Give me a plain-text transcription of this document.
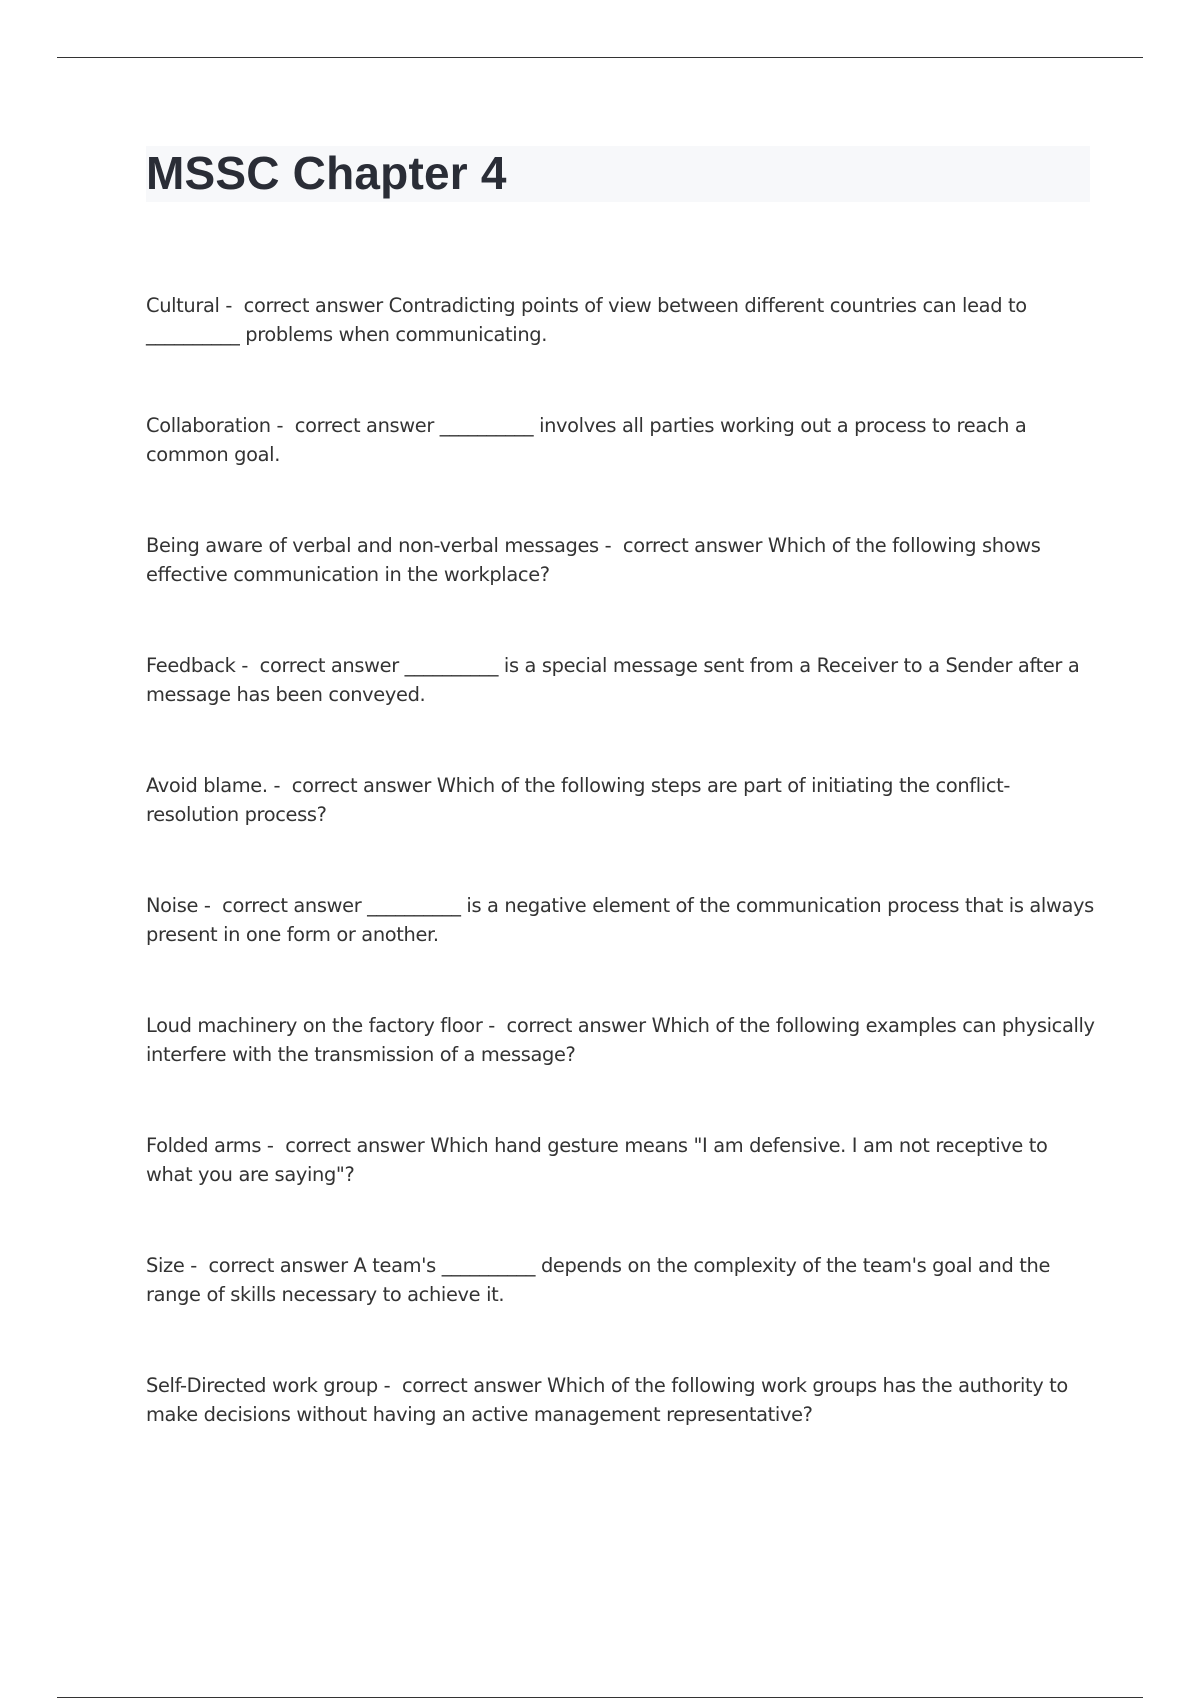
MSSC Chapter 4

Cultural -  correct answer Contradicting points of view between different countries can lead to __________ problems when communicating.

Collaboration -  correct answer __________ involves all parties working out a process to reach a common goal.

Being aware of verbal and non-verbal messages -  correct answer Which of the following shows effective communication in the workplace?

Feedback -  correct answer __________ is a special message sent from a Receiver to a Sender after a message has been conveyed.

Avoid blame. -  correct answer Which of the following steps are part of initiating the conflict-resolution process?

Noise -  correct answer __________ is a negative element of the communication process that is always present in one form or another.

Loud machinery on the factory floor -  correct answer Which of the following examples can physically interfere with the transmission of a message?

Folded arms -  correct answer Which hand gesture means "I am defensive. I am not receptive to what you are saying"?

Size -  correct answer A team's __________ depends on the complexity of the team's goal and the range of skills necessary to achieve it.

Self-Directed work group -  correct answer Which of the following work groups has the authority to make decisions without having an active management representative?
